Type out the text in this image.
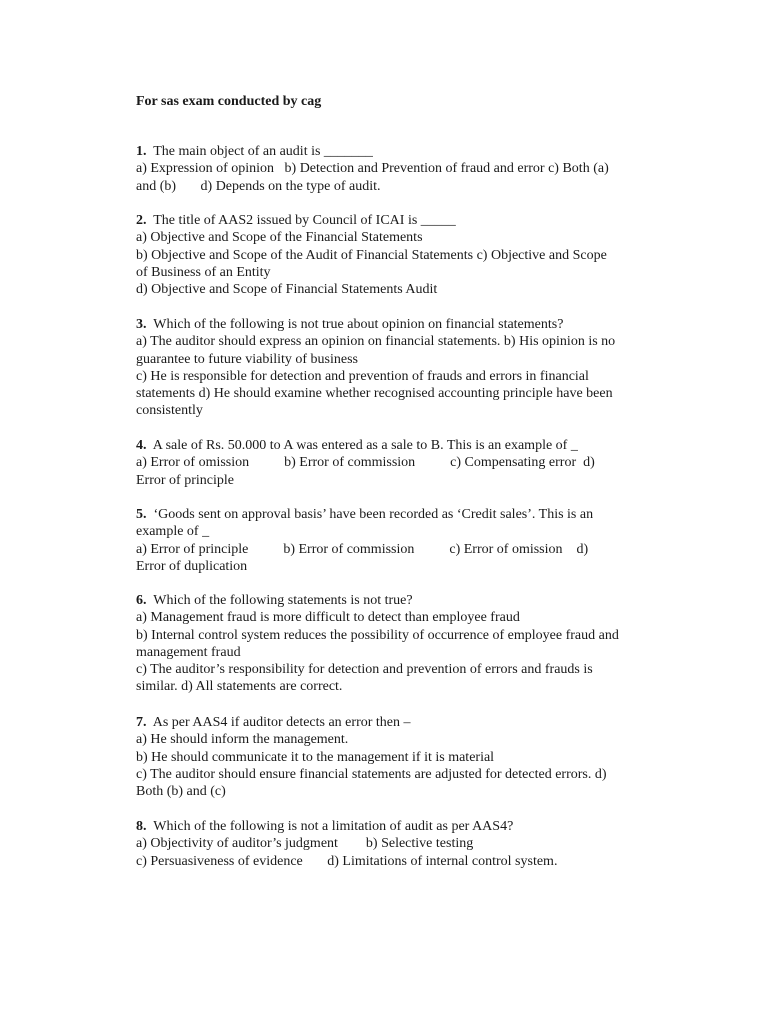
For sas exam conducted by cag
1.  The main object of an audit is _______
a) Expression of opinion   b) Detection and Prevention of fraud and error c) Both (a)
and (b)       d) Depends on the type of audit.
2.  The title of AAS2 issued by Council of ICAI is _____
a) Objective and Scope of the Financial Statements
b) Objective and Scope of the Audit of Financial Statements c) Objective and Scope
of Business of an Entity
d) Objective and Scope of Financial Statements Audit
3.  Which of the following is not true about opinion on financial statements?
a) The auditor should express an opinion on financial statements. b) His opinion is no
guarantee to future viability of business
c) He is responsible for detection and prevention of frauds and errors in financial
statements d) He should examine whether recognised accounting principle have been
consistently
4.  A sale of Rs. 50.000 to A was entered as a sale to B. This is an example of _
a) Error of omission          b) Error of commission          c) Compensating error  d)
Error of principle
5.  ‘Goods sent on approval basis’ have been recorded as ‘Credit sales’. This is an
example of _
a) Error of principle          b) Error of commission          c) Error of omission    d)
Error of duplication
6.  Which of the following statements is not true?
a) Management fraud is more difficult to detect than employee fraud
b) Internal control system reduces the possibility of occurrence of employee fraud and
management fraud
c) The auditor’s responsibility for detection and prevention of errors and frauds is
similar. d) All statements are correct.
7.  As per AAS4 if auditor detects an error then –
a) He should inform the management.
b) He should communicate it to the management if it is material
c) The auditor should ensure financial statements are adjusted for detected errors. d)
Both (b) and (c)
8.  Which of the following is not a limitation of audit as per AAS4?
a) Objectivity of auditor’s judgment        b) Selective testing
c) Persuasiveness of evidence       d) Limitations of internal control system.
